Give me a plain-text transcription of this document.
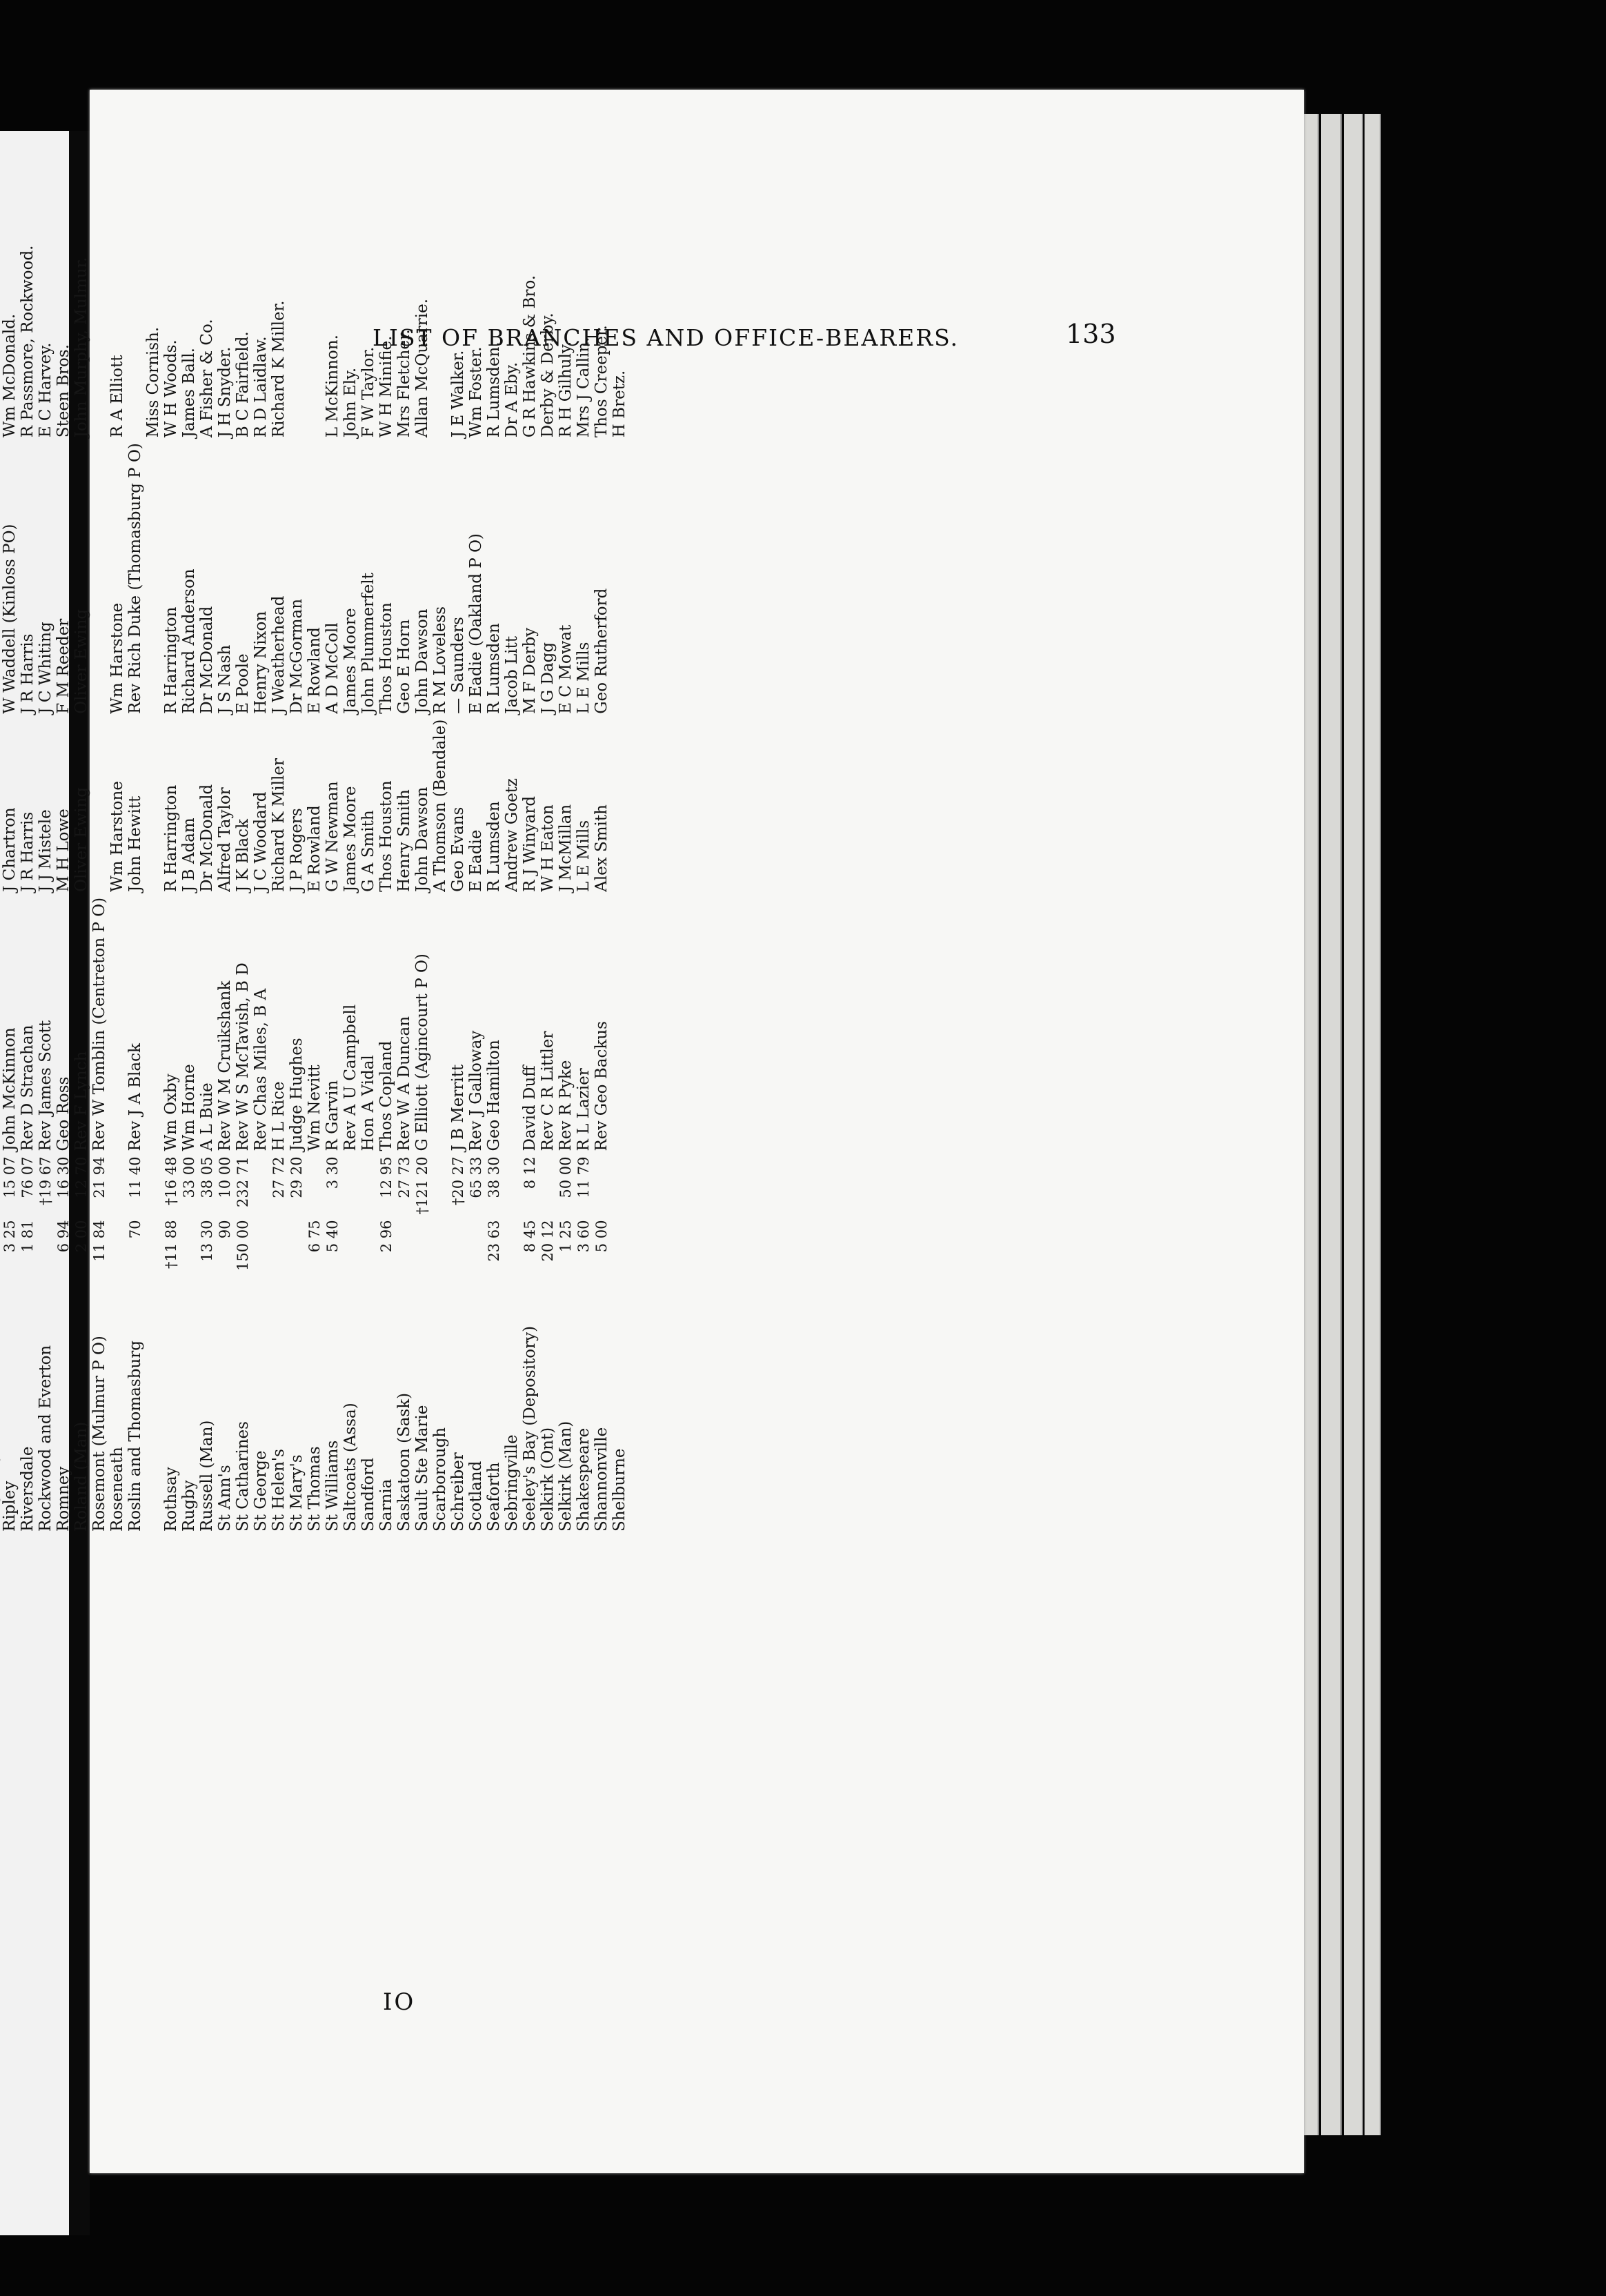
LIST OF BRANCHES AND OFFICE-BEARERS.	133
IO

Ripley	3 25	15 07	John McKinnon	J Chartron	W Waddell (Kinloss PO)	Wm McDonald.
Riversdale	1 81	76 07	Rev D Strachan	J R Harris	J R Harris	R Passmore, Rockwood.
Rockwood and Everton		†19 67	Rev James Scott	J J Mistele	J C Whiting	E C Harvey.
Romney	6 94	16 30	Geo Ross	M H Lowe	F M Reeder	Steen Bros.
Roland (Man)	2 00	12 70	Rev F Lynch	Oliver Ewing	Oliver Ewing	John Murphy, Mulmur.
Rosemont (Mulmur P O)	11 84	21 94	Rev W Tomblin (Centreton P O)			
Roseneath				Wm Harstone	Wm Harstone	R A Elliott
Roslin and Thomasburg	70	11 40	Rev J A Black	John Hewitt	Rev Rich Duke (Thomasburg P O)	
						Miss Cornish.
Rothsay	†11 88	†16 48	Wm Oxby	R Harrington	R Harrington	W H Woods.
Rugby		33 00	Wm Horne	J B Adam	Richard Anderson	James Ball.
Russell (Man)	13 30	38 05	A L Buie	Dr McDonald	Dr McDonald	A Fisher & Co.
St Ann's	90	10 00	Rev W M Cruikshank	Alfred Taylor	J S Nash	J H Snyder.
St Catharines	150 00	232 71	Rev W S McTavish, B D	J K Black	E Poole	B C Fairfield.
St George			Rev Chas Miles, B A	J C Woodard	Henry Nixon	R D Laidlaw.
St Helen's		27 72	H L Rice	Richard K Miller	J Weatherhead	Richard K Miller.
St Mary's		29 20	Judge Hughes	J P Rogers	Dr McGorman	
St Thomas	6 75		Wm Nevitt	E Rowland	E Rowland	
St Williams	5 40	3 30	R Garvin	G W Newman	A D McColl	L McKinnon.
Saltcoats (Assa)			Rev A U Campbell	James Moore	James Moore	John Ely.
Sandford			Hon A Vidal	G A Smith	John Plummerfelt	F W Taylor.
Sarnia	2 96	12 95	Thos Copland	Thos Houston	Thos Houston	W H Minifie.
Saskatoon (Sask)		27 73	Rev W A Duncan	Henry Smith	Geo E Horn	Mrs Fletcher.
Sault Ste Marie		†121 20	G Elliott (Agincourt P O)	John Dawson	John Dawson	Allan McQuarrie.
Scarborough				A Thomson (Bendale)	R M Loveless	
Schreiber		†20 27	J B Merritt	Geo Evans	— Saunders	J E Walker.
Scotland		65 33	Rev J Galloway	E Eadie	E Eadie (Oakland P O)	Wm Foster.
Seaforth	23 63	38 30	Geo Hamilton	R Lumsden	R Lumsden	R Lumsden.
Sebringville				Andrew Goetz	Jacob Litt	Dr A Eby.
Seeley's Bay (Depository)	8 45	8 12	David Duff	R J Winyard	M F Derby	G R Hawkins & Bro.
Selkirk (Ont)	20 12		Rev C R Littler	W H Eaton	J G Dagg	Derby & Derby.
Selkirk (Man)	1 25	50 00	Rev R Pyke	J McMillan	E C Mowat	R H Gilhuly.
Shakespeare	3 60	11 79	R L Lazier	L E Mills	L E Mills	Mrs J Callin.
Shannonville	5 00		Rev Geo Backus	Alex Smith	Geo Rutherford	Thos Creeper.
Shelburne						H Bretz.
